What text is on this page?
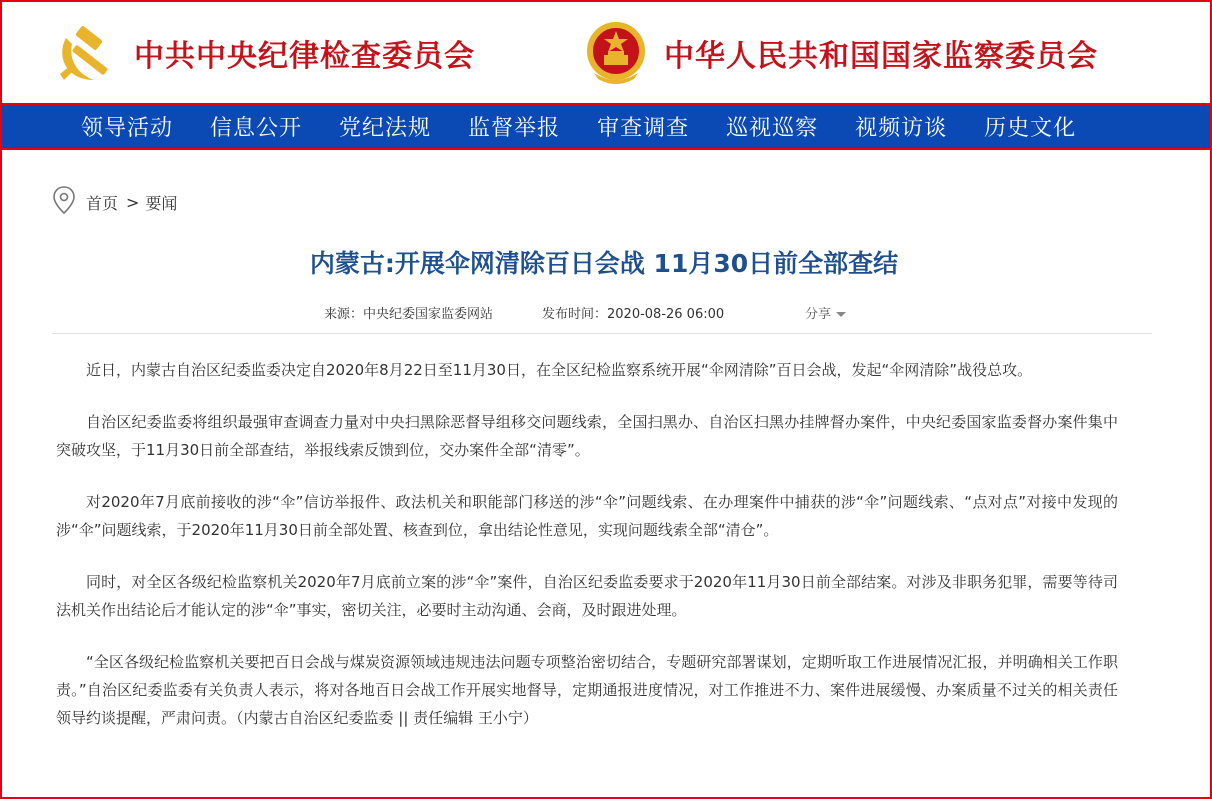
中共中央纪律检查委员会	中华人民共和国国家监察委员会
领导活动 信息公开 党纪法规 监督举报 审查调查 巡视巡察 视频访谈 历史文化
首页 > 要闻
内蒙古:开展伞网清除百日会战 11月30日前全部查结
来源：中央纪委国家监委网站	发布时间：2020-08-26 06:00	分享

近日，内蒙古自治区纪委监委决定自2020年8月22日至11月30日，在全区纪检监察系统开展“伞网清除”百日会战，发起“伞网清除”战役总攻。

自治区纪委监委将组织最强审查调查力量对中央扫黑除恶督导组移交问题线索，全国扫黑办、自治区扫黑办挂牌督办案件，中央纪委国家监委督办案件集中突破攻坚，于11月30日前全部查结，举报线索反馈到位，交办案件全部“清零”。

对2020年7月底前接收的涉“伞”信访举报件、政法机关和职能部门移送的涉“伞”问题线索、在办理案件中捕获的涉“伞”问题线索、“点对点”对接中发现的涉“伞”问题线索，于2020年11月30日前全部处置、核查到位，拿出结论性意见，实现问题线索全部“清仓”。

同时，对全区各级纪检监察机关2020年7月底前立案的涉“伞”案件，自治区纪委监委要求于2020年11月30日前全部结案。对涉及非职务犯罪，需要等待司法机关作出结论后才能认定的涉“伞”事实，密切关注，必要时主动沟通、会商，及时跟进处理。

“全区各级纪检监察机关要把百日会战与煤炭资源领域违规违法问题专项整治密切结合，专题研究部署谋划，定期听取工作进展情况汇报，并明确相关工作职责。”自治区纪委监委有关负责人表示，将对各地百日会战工作开展实地督导，定期通报进度情况，对工作推进不力、案件进展缓慢、办案质量不过关的相关责任领导约谈提醒，严肃问责。（内蒙古自治区纪委监委 || 责任编辑 王小宁）
